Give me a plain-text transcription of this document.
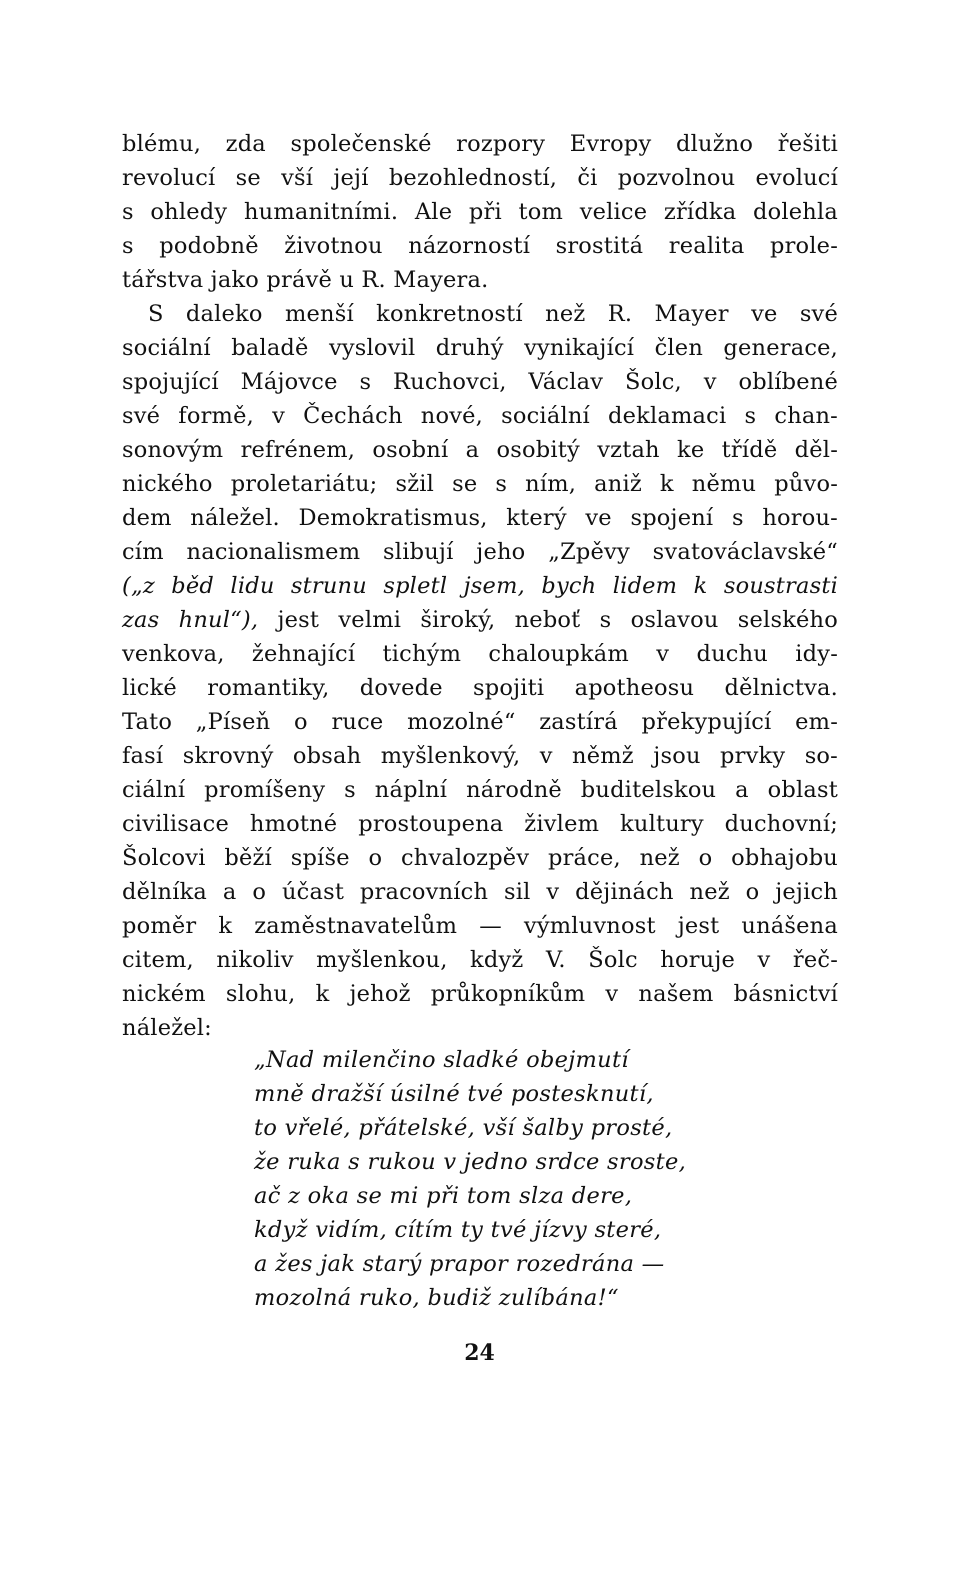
blému, zda společenské rozpory Evropy dlužno řešiti
revolucí se vší její bezohledností, či pozvolnou evolucí
s ohledy humanitními. Ale při tom velice zřídka dolehla
s podobně životnou názorností srostitá realita prole-
tářstva jako právě u R. Mayera.
S daleko menší konkretností než R. Mayer ve své
sociální baladě vyslovil druhý vynikající člen generace,
spojující Májovce s Ruchovci, Václav Šolc, v oblíbené
své formě, v Čechách nové, sociální deklamaci s chan-
sonovým refrénem, osobní a osobitý vztah ke třídě děl-
nického proletariátu; sžil se s ním, aniž k němu půvo-
dem náležel. Demokratismus, který ve spojení s horou-
cím nacionalismem slibují jeho „Zpěvy svatováclavské“
(„z běd lidu strunu spletl jsem, bych lidem k soustrasti
zas hnul“), jest velmi široký, neboť s oslavou selského
venkova, žehnající tichým chaloupkám v duchu idy-
lické romantiky, dovede spojiti apotheosu dělnictva.
Tato „Píseň o ruce mozolné“ zastírá překypující em-
fasí skrovný obsah myšlenkový, v němž jsou prvky so-
ciální promíšeny s náplní národně buditelskou a oblast
civilisace hmotné prostoupena živlem kultury duchovní;
Šolcovi běží spíše o chvalozpěv práce, než o obhajobu
dělníka a o účast pracovních sil v dějinách než o jejich
poměr k zaměstnavatelům — výmluvnost jest unášena
citem, nikoliv myšlenkou, když V. Šolc horuje v řeč-
nickém slohu, k jehož průkopníkům v našem básnictví
náležel:
„Nad milenčino sladké obejmutí
mně dražší úsilné tvé postesknutí,
to vřelé, přátelské, vší šalby prosté,
že ruka s rukou v jedno srdce sroste,
ač z oka se mi při tom slza dere,
když vidím, cítím ty tvé jízvy steré,
a žes jak starý prapor rozedrána —
mozolná ruko, budiž zulíbána!“
24
